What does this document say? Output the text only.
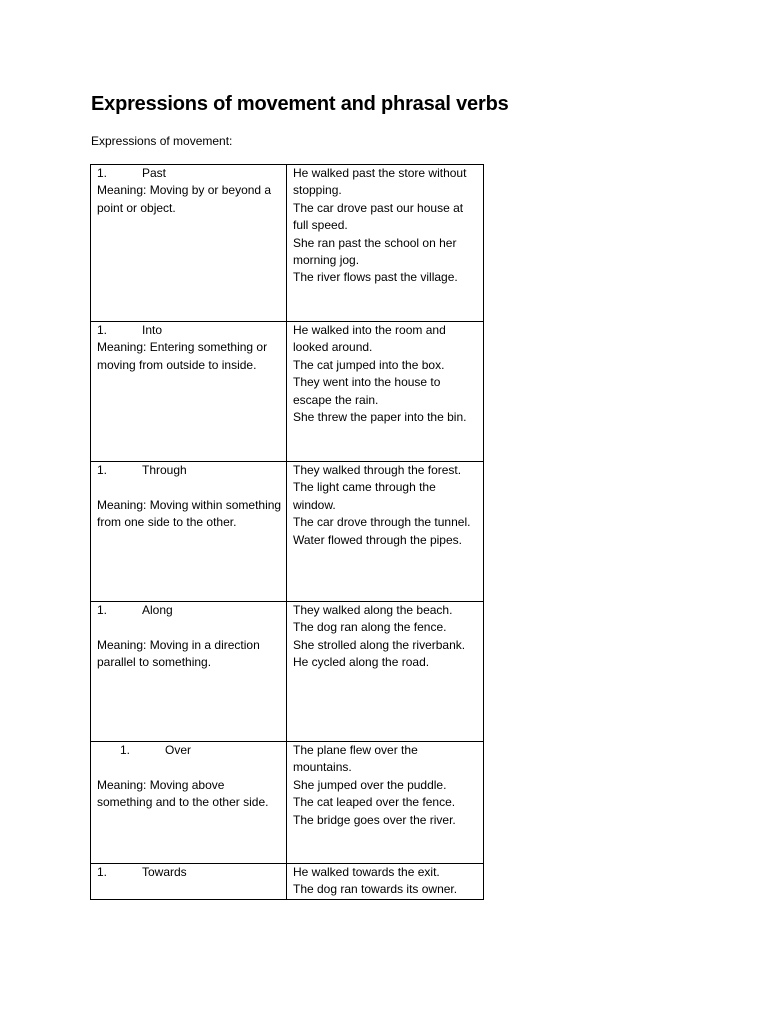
Expressions of movement and phrasal verbs
Expressions of movement:
1. Past
Meaning: Moving by or beyond a point or object.	He walked past the store without stopping.
The car drove past our house at full speed.
She ran past the school on her morning jog.
The river flows past the village.

1. Into
Meaning: Entering something or moving from outside to inside.	He walked into the room and looked around.
The cat jumped into the box.
They went into the house to escape the rain.
She threw the paper into the bin.

1. Through
Meaning: Moving within something from one side to the other.	They walked through the forest.
The light came through the window.
The car drove through the tunnel.
Water flowed through the pipes.

1. Along
Meaning: Moving in a direction parallel to something.	They walked along the beach.
The dog ran along the fence.
She strolled along the riverbank.
He cycled along the road.

1. Over
Meaning: Moving above something and to the other side.	The plane flew over the mountains.
She jumped over the puddle.
The cat leaped over the fence.
The bridge goes over the river.

1. Towards	He walked towards the exit.
The dog ran towards its owner.
